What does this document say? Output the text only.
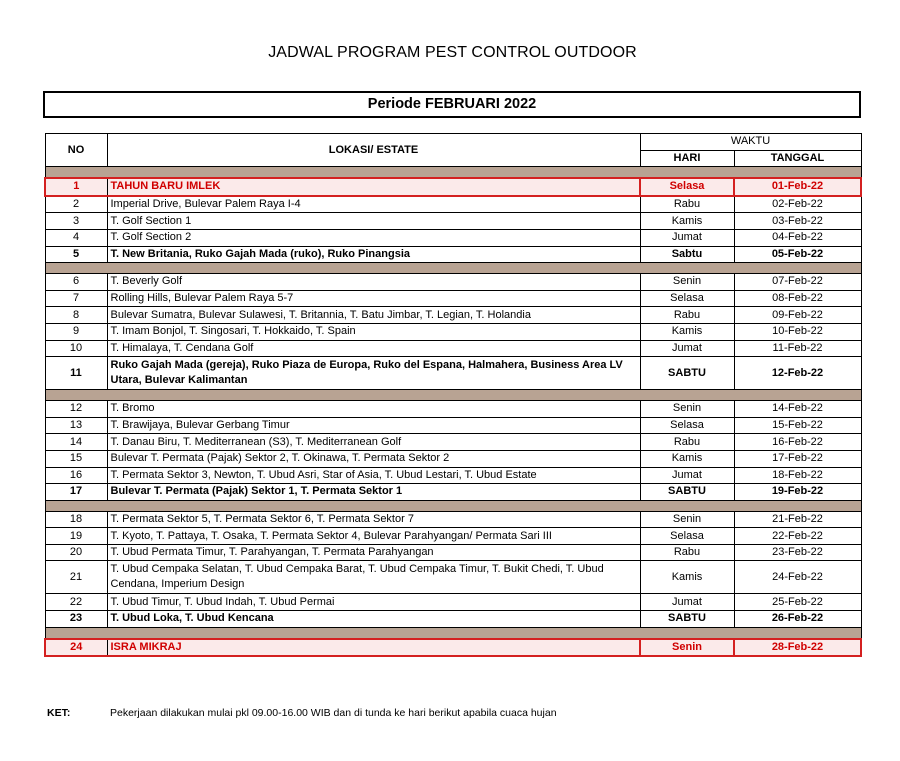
JADWAL PROGRAM PEST CONTROL OUTDOOR
Periode FEBRUARI 2022
NO	LOKASI/ ESTATE	WAKTU	
		HARI	TANGGAL

1	TAHUN BARU IMLEK	Selasa	01-Feb-22
2	Imperial Drive, Bulevar Palem Raya I-4	Rabu	02-Feb-22
3	T. Golf Section 1	Kamis	03-Feb-22
4	T. Golf Section 2	Jumat	04-Feb-22
5	T. New Britania, Ruko Gajah Mada (ruko), Ruko Pinangsia	Sabtu	05-Feb-22

6	T. Beverly Golf	Senin	07-Feb-22
7	Rolling Hills, Bulevar Palem Raya 5-7	Selasa	08-Feb-22
8	Bulevar Sumatra, Bulevar Sulawesi, T. Britannia, T. Batu Jimbar, T. Legian, T. Holandia	Rabu	09-Feb-22
9	T. Imam Bonjol, T. Singosari, T. Hokkaido, T. Spain	Kamis	10-Feb-22
10	T. Himalaya, T. Cendana Golf	Jumat	11-Feb-22
11	Ruko Gajah Mada (gereja), Ruko Piaza de Europa, Ruko del Espana, Halmahera, Business Area LV Utara, Bulevar Kalimantan	SABTU	12-Feb-22

12	T. Bromo	Senin	14-Feb-22
13	T. Brawijaya, Bulevar Gerbang Timur	Selasa	15-Feb-22
14	T. Danau Biru, T. Mediterranean (S3), T. Mediterranean Golf	Rabu	16-Feb-22
15	Bulevar T. Permata (Pajak) Sektor 2, T. Okinawa, T. Permata Sektor 2	Kamis	17-Feb-22
16	T. Permata Sektor 3, Newton, T. Ubud Asri, Star of Asia, T. Ubud Lestari, T. Ubud Estate	Jumat	18-Feb-22
17	Bulevar T. Permata (Pajak) Sektor 1, T. Permata Sektor 1	SABTU	19-Feb-22

18	T. Permata Sektor 5, T. Permata Sektor 6, T. Permata Sektor 7	Senin	21-Feb-22
19	T. Kyoto, T. Pattaya, T. Osaka, T. Permata Sektor 4, Bulevar Parahyangan/ Permata Sari III	Selasa	22-Feb-22
20	T. Ubud Permata Timur, T. Parahyangan, T. Permata Parahyangan	Rabu	23-Feb-22
21	T. Ubud Cempaka Selatan, T. Ubud Cempaka Barat, T. Ubud Cempaka Timur, T. Bukit Chedi, T. Ubud Cendana, Imperium Design	Kamis	24-Feb-22
22	T. Ubud Timur, T. Ubud Indah, T. Ubud Permai	Jumat	25-Feb-22
23	T. Ubud Loka, T. Ubud Kencana	SABTU	26-Feb-22

24	ISRA MIKRAJ	Senin	28-Feb-22
KET:	Pekerjaan dilakukan mulai pkl 09.00-16.00 WIB dan di tunda ke hari berikut apabila cuaca hujan
